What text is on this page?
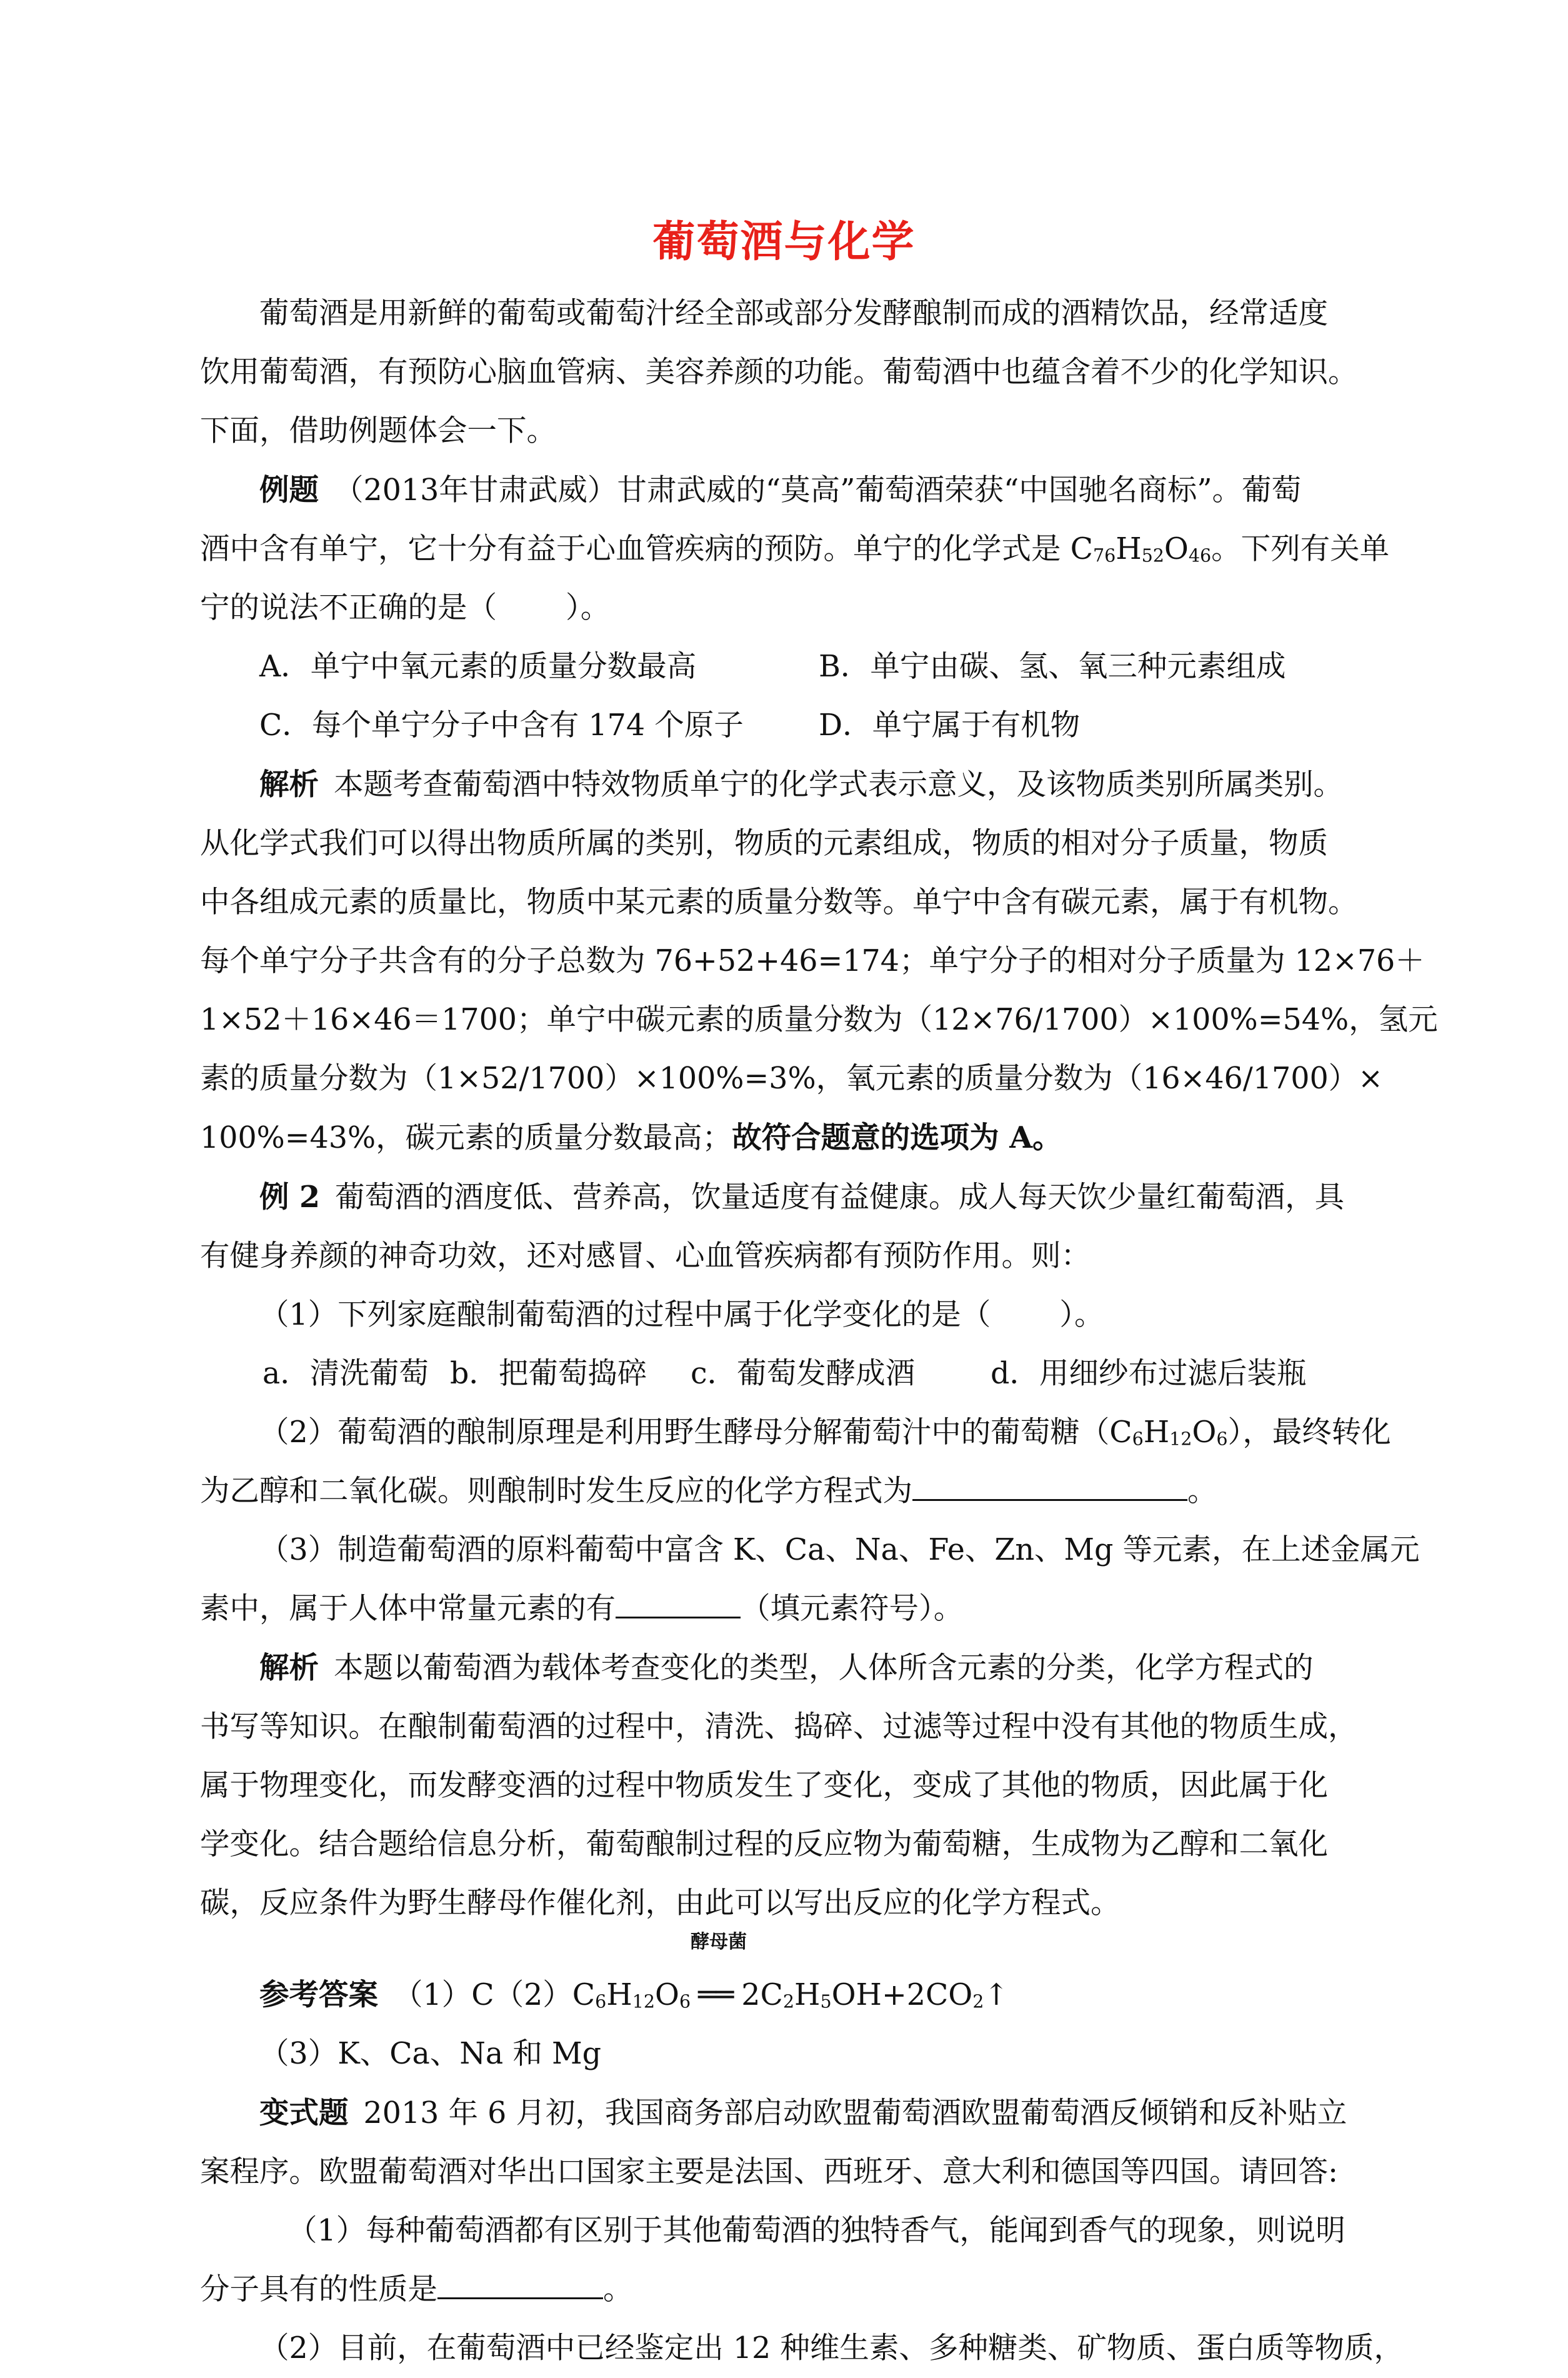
葡萄酒与化学

葡萄酒是用新鲜的葡萄或葡萄汁经全部或部分发酵酿制而成的酒精饮品，经常适度

饮用葡萄酒，有预防心脑血管病、美容养颜的功能。葡萄酒中也蕴含着不少的化学知识。

下面，借助例题体会一下。

例题 （2013年甘肃武威）甘肃武威的“莫高”葡萄酒荣获“中国驰名商标”。葡萄

酒中含有单宁，它十分有益于心血管疾病的预防。单宁的化学式是 $C_{76}H_{52}O_{46}$。下列有关单

宁的说法不正确的是（ ）。

A．单宁中氧元素的质量分数最高	B．单宁由碳、氢、氧三种元素组成

C．每个单宁分子中含有 174 个原子	D．单宁属于有机物

解析 本题考查葡萄酒中特效物质单宁的化学式表示意义，及该物质类别所属类别。

从化学式我们可以得出物质所属的类别，物质的元素组成，物质的相对分子质量，物质

中各组成元素的质量比，物质中某元素的质量分数等。单宁中含有碳元素，属于有机物。

每个单宁分子共含有的分子总数为 76+52+46=174；单宁分子的相对分子质量为 12×76＋

1×52＋16×46＝1700；单宁中碳元素的质量分数为（12×76/1700）×100%=54%，氢元

素的质量分数为（1×52/1700）×100%=3%，氧元素的质量分数为（16×46/1700）×

100%=43%，碳元素的质量分数最高；故符合题意的选项为 A。

例 2 葡萄酒的酒度低、营养高，饮量适度有益健康。成人每天饮少量红葡萄酒，具

有健身养颜的神奇功效，还对感冒、心血管疾病都有预防作用。则：

（1）下列家庭酿制葡萄酒的过程中属于化学变化的是（ ）。

a．清洗葡萄 b．把葡萄捣碎 c．葡萄发酵成酒	d．用细纱布过滤后装瓶

（2）葡萄酒的酿制原理是利用野生酵母分解葡萄汁中的葡萄糖$(C_6H_{12}O_6)$，最终转化

为乙醇和二氧化碳。则酿制时发生反应的化学方程式为	。

（3）制造葡萄酒的原料葡萄中富含 K、Ca、Na、Fe、Zn、Mg 等元素，在上述金属元

素中，属于人体中常量元素的有	（填元素符号）。

解析 本题以葡萄酒为载体考查变化的类型，人体所含元素的分类，化学方程式的

书写等知识。在酿制葡萄酒的过程中，清洗、捣碎、过滤等过程中没有其他的物质生成，

属于物理变化，而发酵变酒的过程中物质发生了变化，变成了其他的物质，因此属于化

学变化。结合题给信息分析，葡萄酿制过程的反应物为葡萄糖，生成物为乙醇和二氧化

碳，反应条件为野生酵母作催化剂，由此可以写出反应的化学方程式。

参考答案 $(1)C(2)C_6H_{12}O_6$
酵母菌
══ $2C_2H_5OH+2CO_2↑$

（3）K、Ca、Na 和 Mg

变式题 2013 年 6 月初，我国商务部启动欧盟葡萄酒欧盟葡萄酒反倾销和反补贴立

案程序。欧盟葡萄酒对华出口国家主要是法国、西班牙、意大利和德国等四国。请回答:

（1）每种葡萄酒都有区别于其他葡萄酒的独特香气，能闻到香气的现象，则说明

分子具有的性质是	。

（2）目前，在葡萄酒中已经鉴定出 12 种维生素、多种糖类、矿物质、蛋白质等物质，
